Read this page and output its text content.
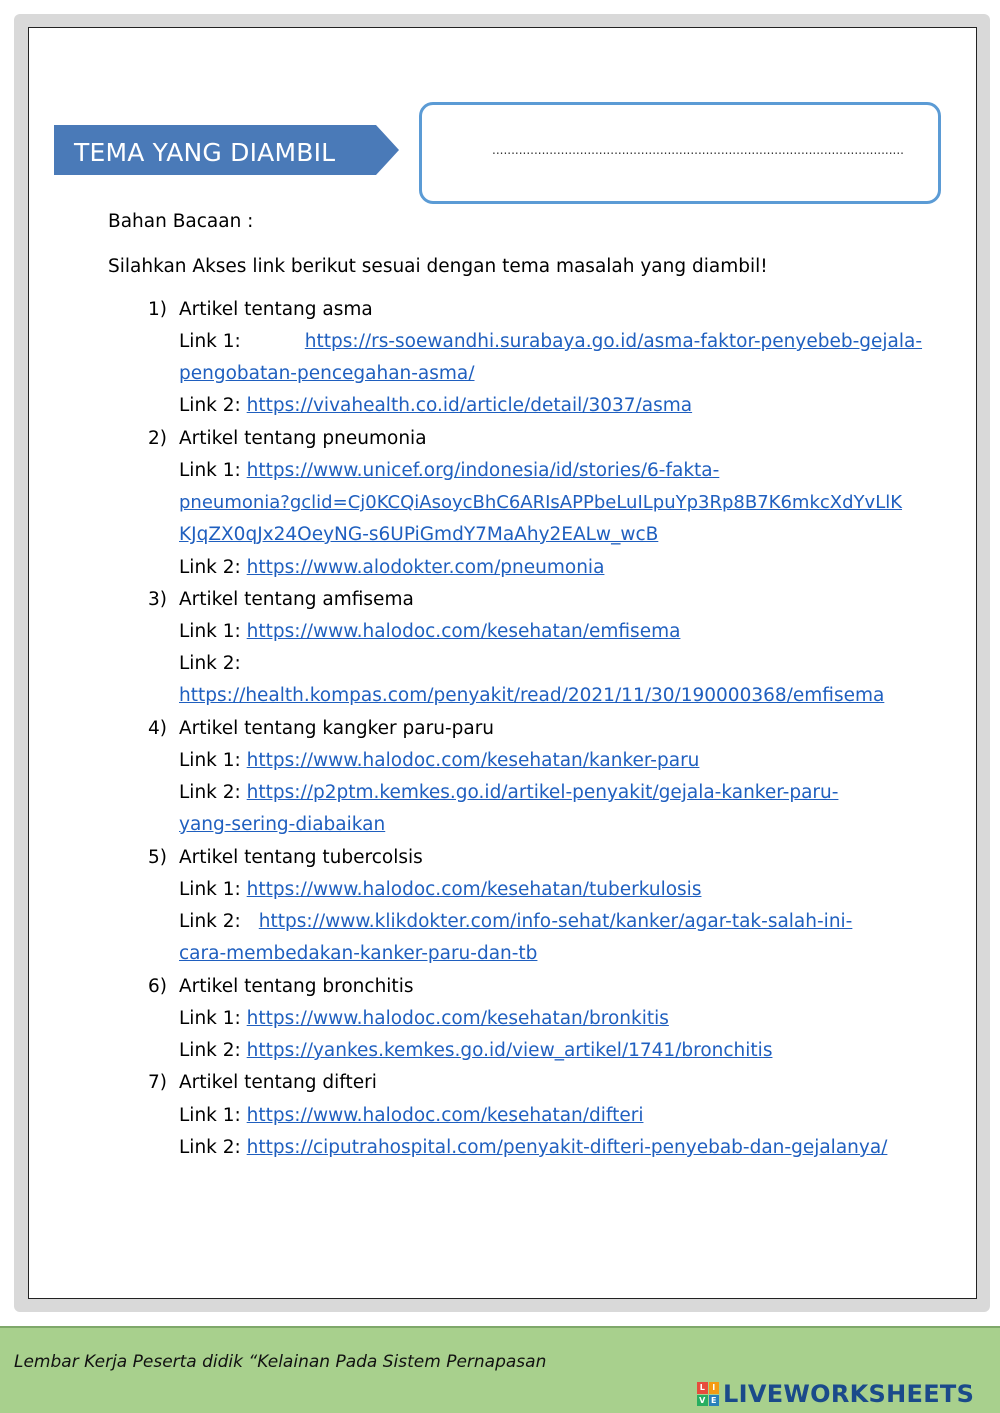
TEMA YANG DIAMBIL	............................................................................................................
Bahan Bacaan :
Silahkan Akses link berikut sesuai dengan tema masalah yang diambil!
1) Artikel tentang asma
Link 1:	https://rs-soewandhi.surabaya.go.id/asma-faktor-penyebeb-gejala-
pengobatan-pencegahan-asma/
Link 2: https://vivahealth.co.id/article/detail/3037/asma
2) Artikel tentang pneumonia
Link 1: https://www.unicef.org/indonesia/id/stories/6-fakta-
pneumonia?gclid=Cj0KCQiAsoycBhC6ARIsAPPbeLuILpuYp3Rp8B7K6mkcXdYvLlK
KJqZX0qJx24OeyNG-s6UPiGmdY7MaAhy2EALw_wcB
Link 2: https://www.alodokter.com/pneumonia
3) Artikel tentang amfisema
Link 1: https://www.halodoc.com/kesehatan/emfisema
Link 2:
https://health.kompas.com/penyakit/read/2021/11/30/190000368/emfisema
4) Artikel tentang kangker paru-paru
Link 1: https://www.halodoc.com/kesehatan/kanker-paru
Link 2: https://p2ptm.kemkes.go.id/artikel-penyakit/gejala-kanker-paru-
yang-sering-diabaikan
5) Artikel tentang tubercolsis
Link 1: https://www.halodoc.com/kesehatan/tuberkulosis
Link 2: https://www.klikdokter.com/info-sehat/kanker/agar-tak-salah-ini-
cara-membedakan-kanker-paru-dan-tb
6) Artikel tentang bronchitis
Link 1: https://www.halodoc.com/kesehatan/bronkitis
Link 2: https://yankes.kemkes.go.id/view_artikel/1741/bronchitis
7) Artikel tentang difteri
Link 1: https://www.halodoc.com/kesehatan/difteri
Link 2: https://ciputrahospital.com/penyakit-difteri-penyebab-dan-gejalanya/
Lembar Kerja Peserta didik “Kelainan Pada Sistem Pernapasan
L I
V E LIVEWORKSHEETS
